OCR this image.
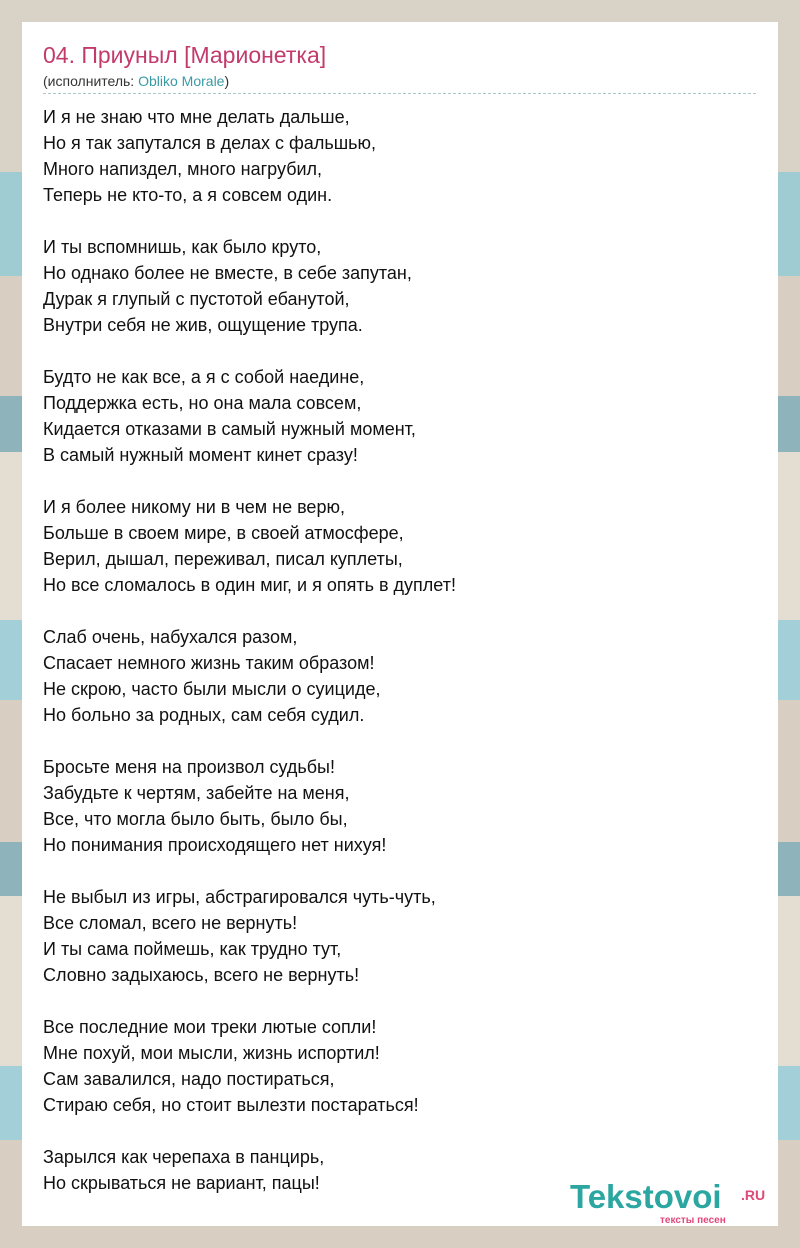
04. Приуныл [Марионетка]
(исполнитель: Obliko Morale)
И я не знаю что мне делать дальше,
Но я так запутался в делах с фальшью,
Много напиздел, много нагрубил,
Теперь не кто-то, а я совсем один.
И ты вспомнишь, как было круто,
Но однако более не вместе, в себе запутан,
Дурак я глупый с пустотой ебанутой,
Внутри себя не жив, ощущение трупа.
Будто не как все, а я с собой наедине,
Поддержка есть, но она мала совсем,
Кидается отказами в самый нужный момент,
В самый нужный момент кинет сразу!
И я более никому ни в чем не верю,
Больше в своем мире, в своей атмосфере,
Верил, дышал, переживал, писал куплеты,
Но все сломалось в один миг, и я опять в дуплет!
Слаб очень, набухался разом,
Спасает немного жизнь таким образом!
Не скрою, часто были мысли о суициде,
Но больно за родных, сам себя судил.
Бросьте меня на произвол судьбы!
Забудьте к чертям, забейте на меня,
Все, что могла было быть, было бы,
Но понимания происходящего нет нихуя!
Не выбыл из игры, абстрагировался чуть-чуть,
Все сломал, всего не вернуть!
И ты сама поймешь, как трудно тут,
Словно задыхаюсь, всего не вернуть!
Все последние мои треки лютые сопли!
Мне похуй, мои мысли, жизнь испортил!
Сам завалился, надо постираться,
Стираю себя, но стоит вылезти постараться!
Зарылся как черепаха в панцирь,
Но скрываться не вариант, пацы!	Tekstovoi .RU
тексты песен
